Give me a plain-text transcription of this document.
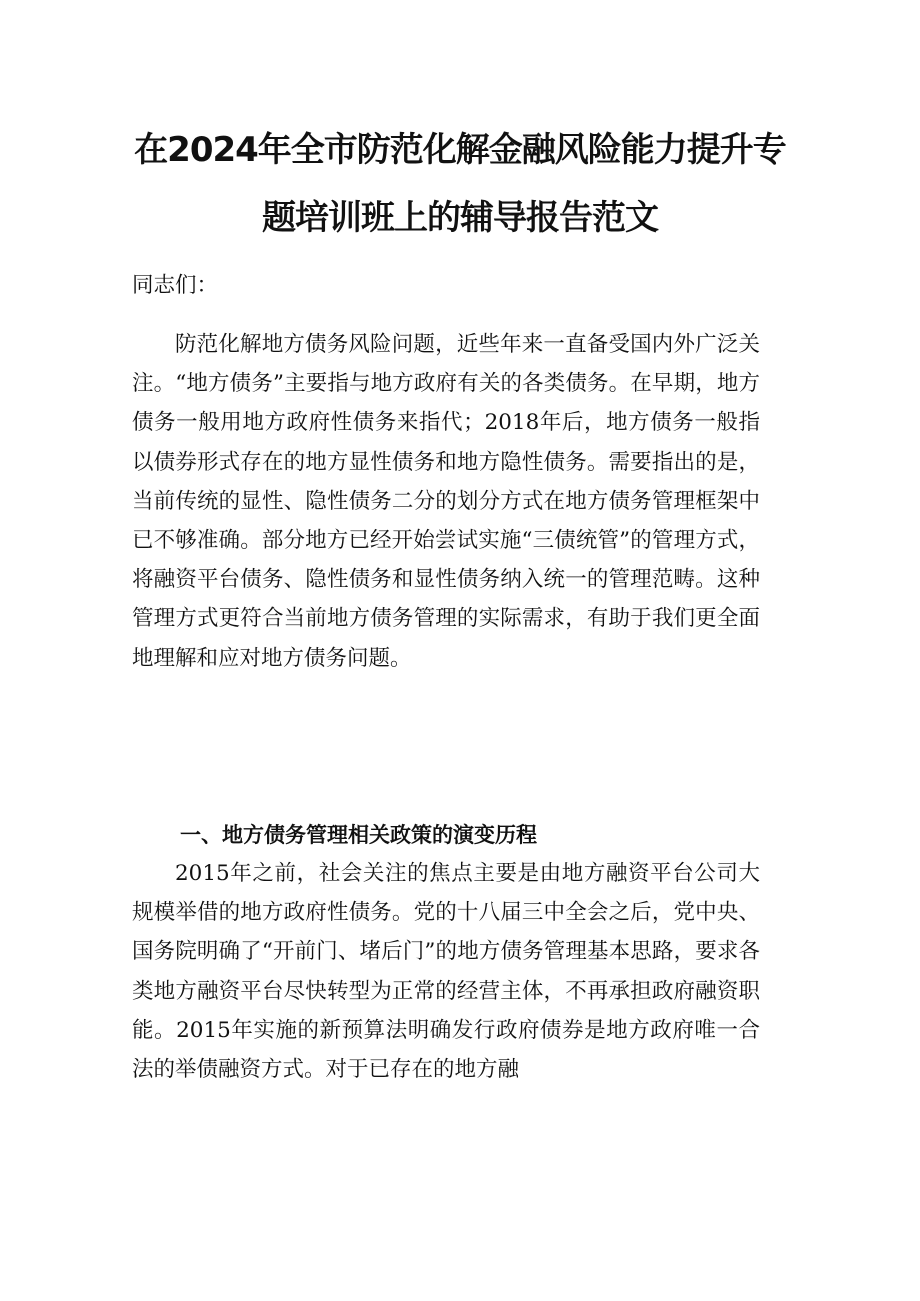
在2024年全市防范化解金融风险能力提升专
题培训班上的辅导报告范文
同志们：

防范化解地方债务风险问题，近些年来一直备受国内外广泛关注。“地方债务”主要指与地方政府有关的各类债务。在早期，地方债务一般用地方政府性债务来指代；2018年后，地方债务一般指以债券形式存在的地方显性债务和地方隐性债务。需要指出的是，当前传统的显性、隐性债务二分的划分方式在地方债务管理框架中已不够准确。部分地方已经开始尝试实施“三债统管”的管理方式，将融资平台债务、隐性债务和显性债务纳入统一的管理范畴。这种管理方式更符合当前地方债务管理的实际需求，有助于我们更全面地理解和应对地方债务问题。

一、地方债务管理相关政策的演变历程

2015年之前，社会关注的焦点主要是由地方融资平台公司大规模举借的地方政府性债务。党的十八届三中全会之后，党中央、国务院明确了“开前门、堵后门”的地方债务管理基本思路，要求各类地方融资平台尽快转型为正常的经营主体，不再承担政府融资职能。2015年实施的新预算法明确发行政府债券是地方政府唯一合法的举债融资方式。对于已存在的地方融
